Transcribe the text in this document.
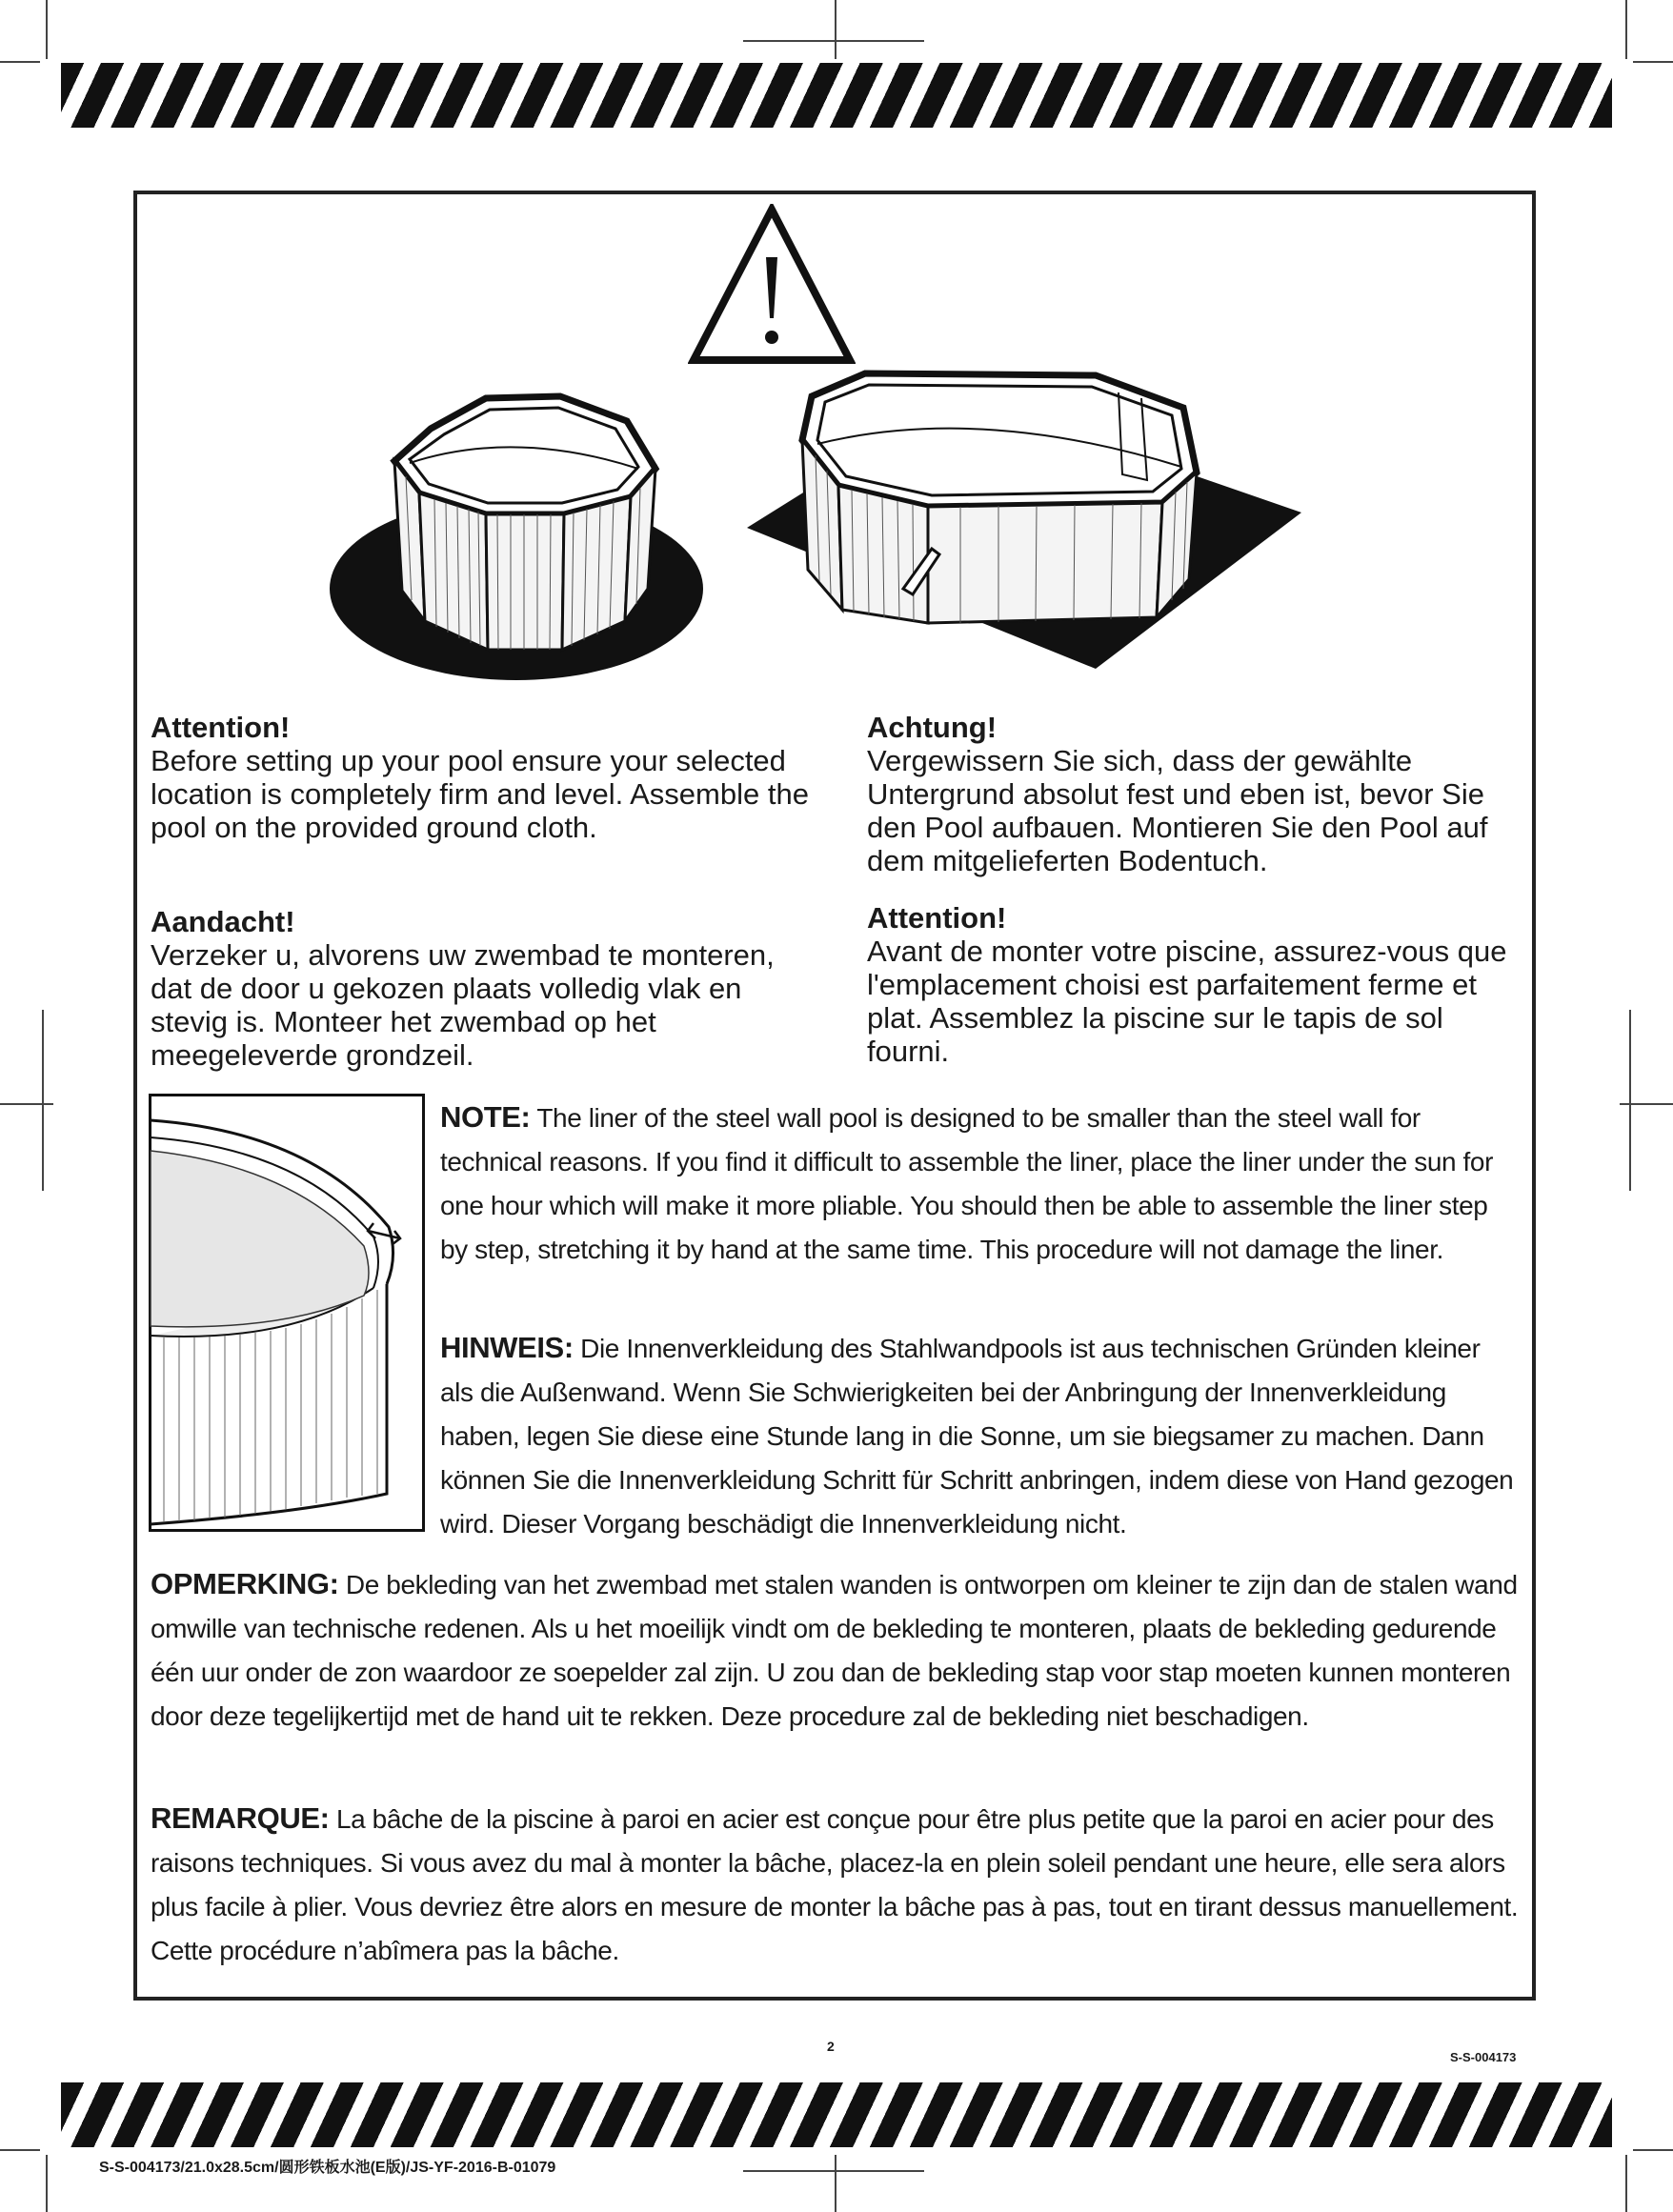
Attention!
Before setting up your pool ensure your selected location is completely firm and level. Assemble the pool on the provided ground cloth.
Achtung!
Vergewissern Sie sich, dass der gewählte Untergrund absolut fest und eben ist, bevor Sie den Pool aufbauen. Montieren Sie den Pool auf dem mitgelieferten Bodentuch.
Aandacht!
Verzeker u, alvorens uw zwembad te monteren, dat de door u gekozen plaats volledig vlak en stevig is. Monteer het zwembad op het meegeleverde grondzeil.
Attention!
Avant de monter votre piscine, assurez-vous que l'emplacement choisi est parfaitement ferme et plat. Assemblez la piscine sur le tapis de sol fourni.
NOTE: The liner of the steel wall pool is designed to be smaller than the steel wall for technical reasons. If you find it difficult to assemble the liner, place the liner under the sun for one hour which will make it more pliable. You should then be able to assemble the liner step by step, stretching it by hand at the same time. This procedure will not damage the liner.
HINWEIS: Die Innenverkleidung des Stahlwandpools ist aus technischen Gründen kleiner als die Außenwand. Wenn Sie Schwierigkeiten bei der Anbringung der Innenverkleidung haben, legen Sie diese eine Stunde lang in die Sonne, um sie biegsamer zu machen. Dann können Sie die Innenverkleidung Schritt für Schritt anbringen, indem diese von Hand gezogen wird. Dieser Vorgang beschädigt die Innenverkleidung nicht.
OPMERKING: De bekleding van het zwembad met stalen wanden is ontworpen om kleiner te zijn dan de stalen wand omwille van technische redenen. Als u het moeilijk vindt om de bekleding te monteren, plaats de bekleding gedurende één uur onder de zon waardoor ze soepelder zal zijn. U zou dan de bekleding stap voor stap moeten kunnen monteren door deze tegelijkertijd met de hand uit te rekken. Deze procedure zal de bekleding niet beschadigen.
REMARQUE: La bâche de la piscine à paroi en acier est conçue pour être plus petite que la paroi en acier pour des raisons techniques. Si vous avez du mal à monter la bâche, placez-la en plein soleil pendant une heure, elle sera alors plus facile à plier. Vous devriez être alors en mesure de monter la bâche pas à pas, tout en tirant dessus manuellement. Cette procédure n’abîmera pas la bâche.
2
S-S-004173
S-S-004173/21.0x28.5cm/圆形铁板水池(E版)/JS-YF-2016-B-01079
